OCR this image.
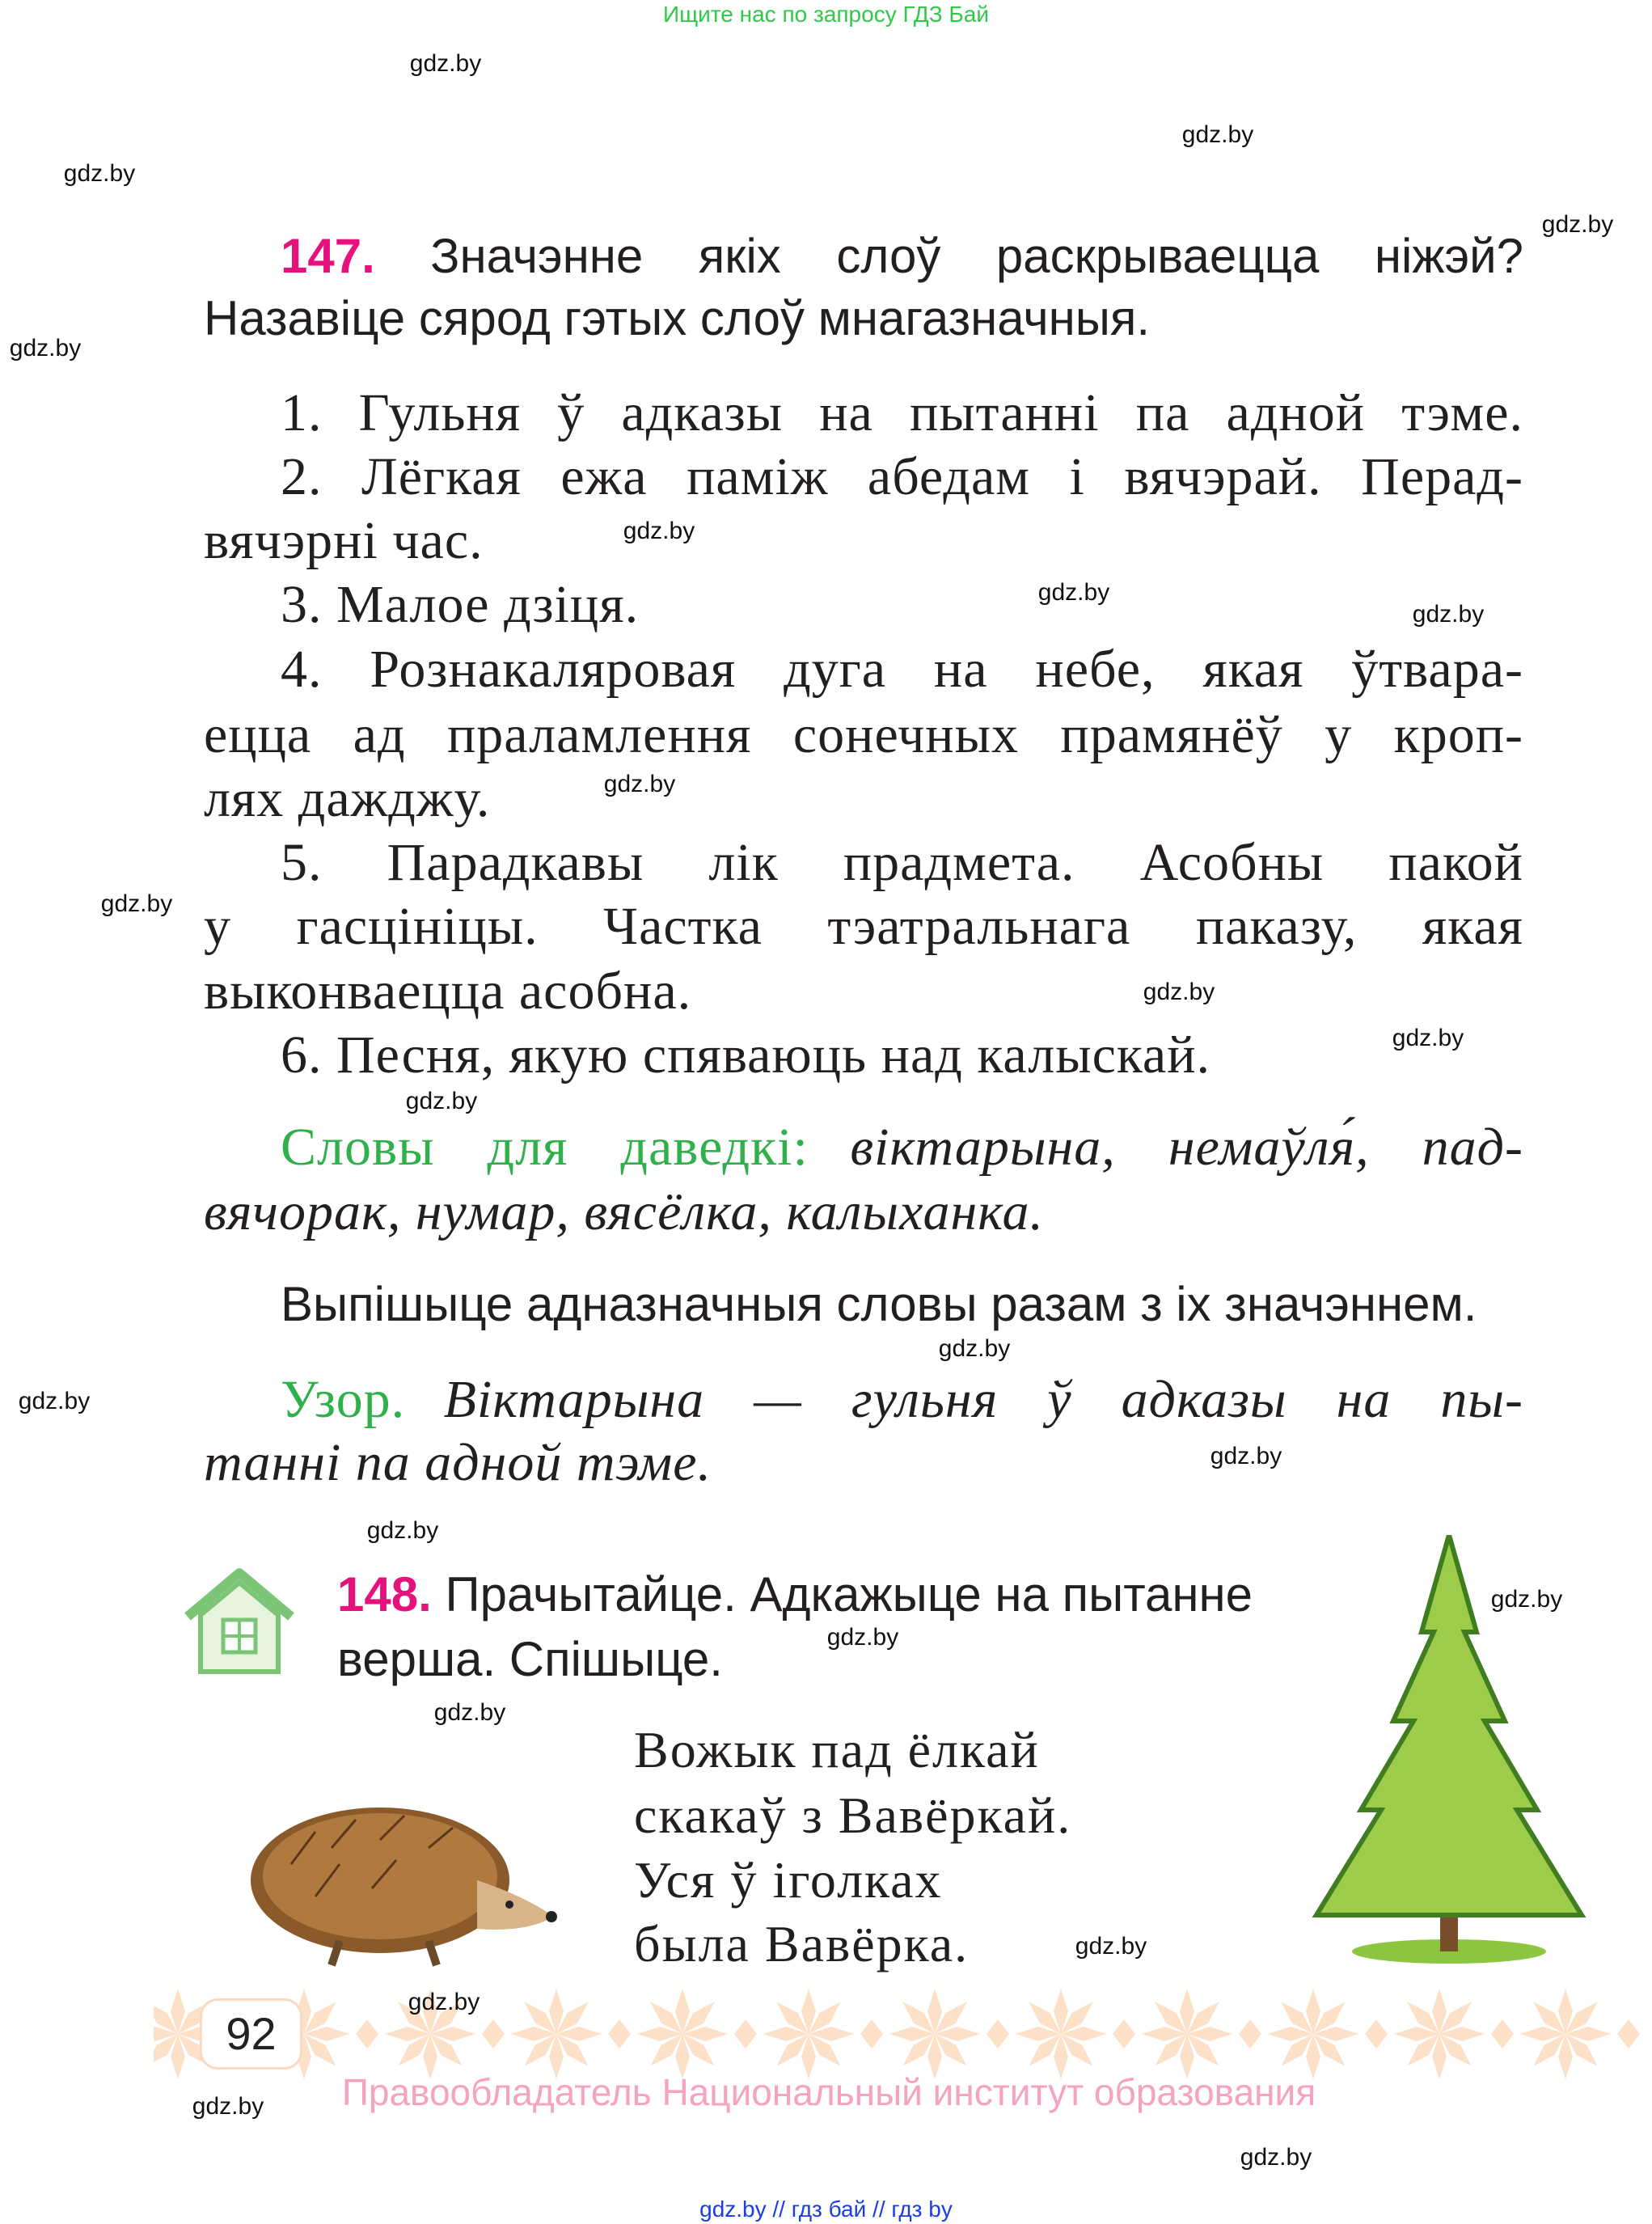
Ищите нас по запросу ГДЗ Бай
147. Значэнне якіх слоў раскрываецца ніжэй?
Назавіце сярод гэтых слоў мнагазначныя.
1. Гульня ў адказы на пытанні па адной тэме.
2. Лёгкая ежа паміж абедам і вячэрай. Перад-
вячэрні час.
3. Малое дзіця.
4. Рознакаляровая дуга на небе, якая ўтвара-
ецца ад праламлення сонечных прамянёў у кроп-
лях дажджу.
5. Парадкавы лік прадмета. Асобны пакой
у гасцініцы. Частка тэатральнага паказу, якая
выконваецца асобна.
6. Песня, якую спяваюць над калыскай.
Словы для даведкі: віктарына, немаўля́, пад-
вячорак, нумар, вясёлка, калыханка.
Выпішыце адназначныя словы разам з іх значэннем.
Узор. Віктарына — гульня ў адказы на пы-
танні па адной тэме.
148. Прачытайце. Адкажыце на пытанне
верша. Спішыце.
Вожык пад ёлкай
скакаў з Вавёркай.
Уся ў іголках
была Вавёрка.
92
Правообладатель Национальный институт образования
gdz.by // гдз бай // гдз by
gdz.by
gdz.by
gdz.by
gdz.by
gdz.by
gdz.by
gdz.by
gdz.by
gdz.by
gdz.by
gdz.by
gdz.by
gdz.by
gdz.by
gdz.by
gdz.by
gdz.by
gdz.by
gdz.by
gdz.by
gdz.by
gdz.by
gdz.by
gdz.by
